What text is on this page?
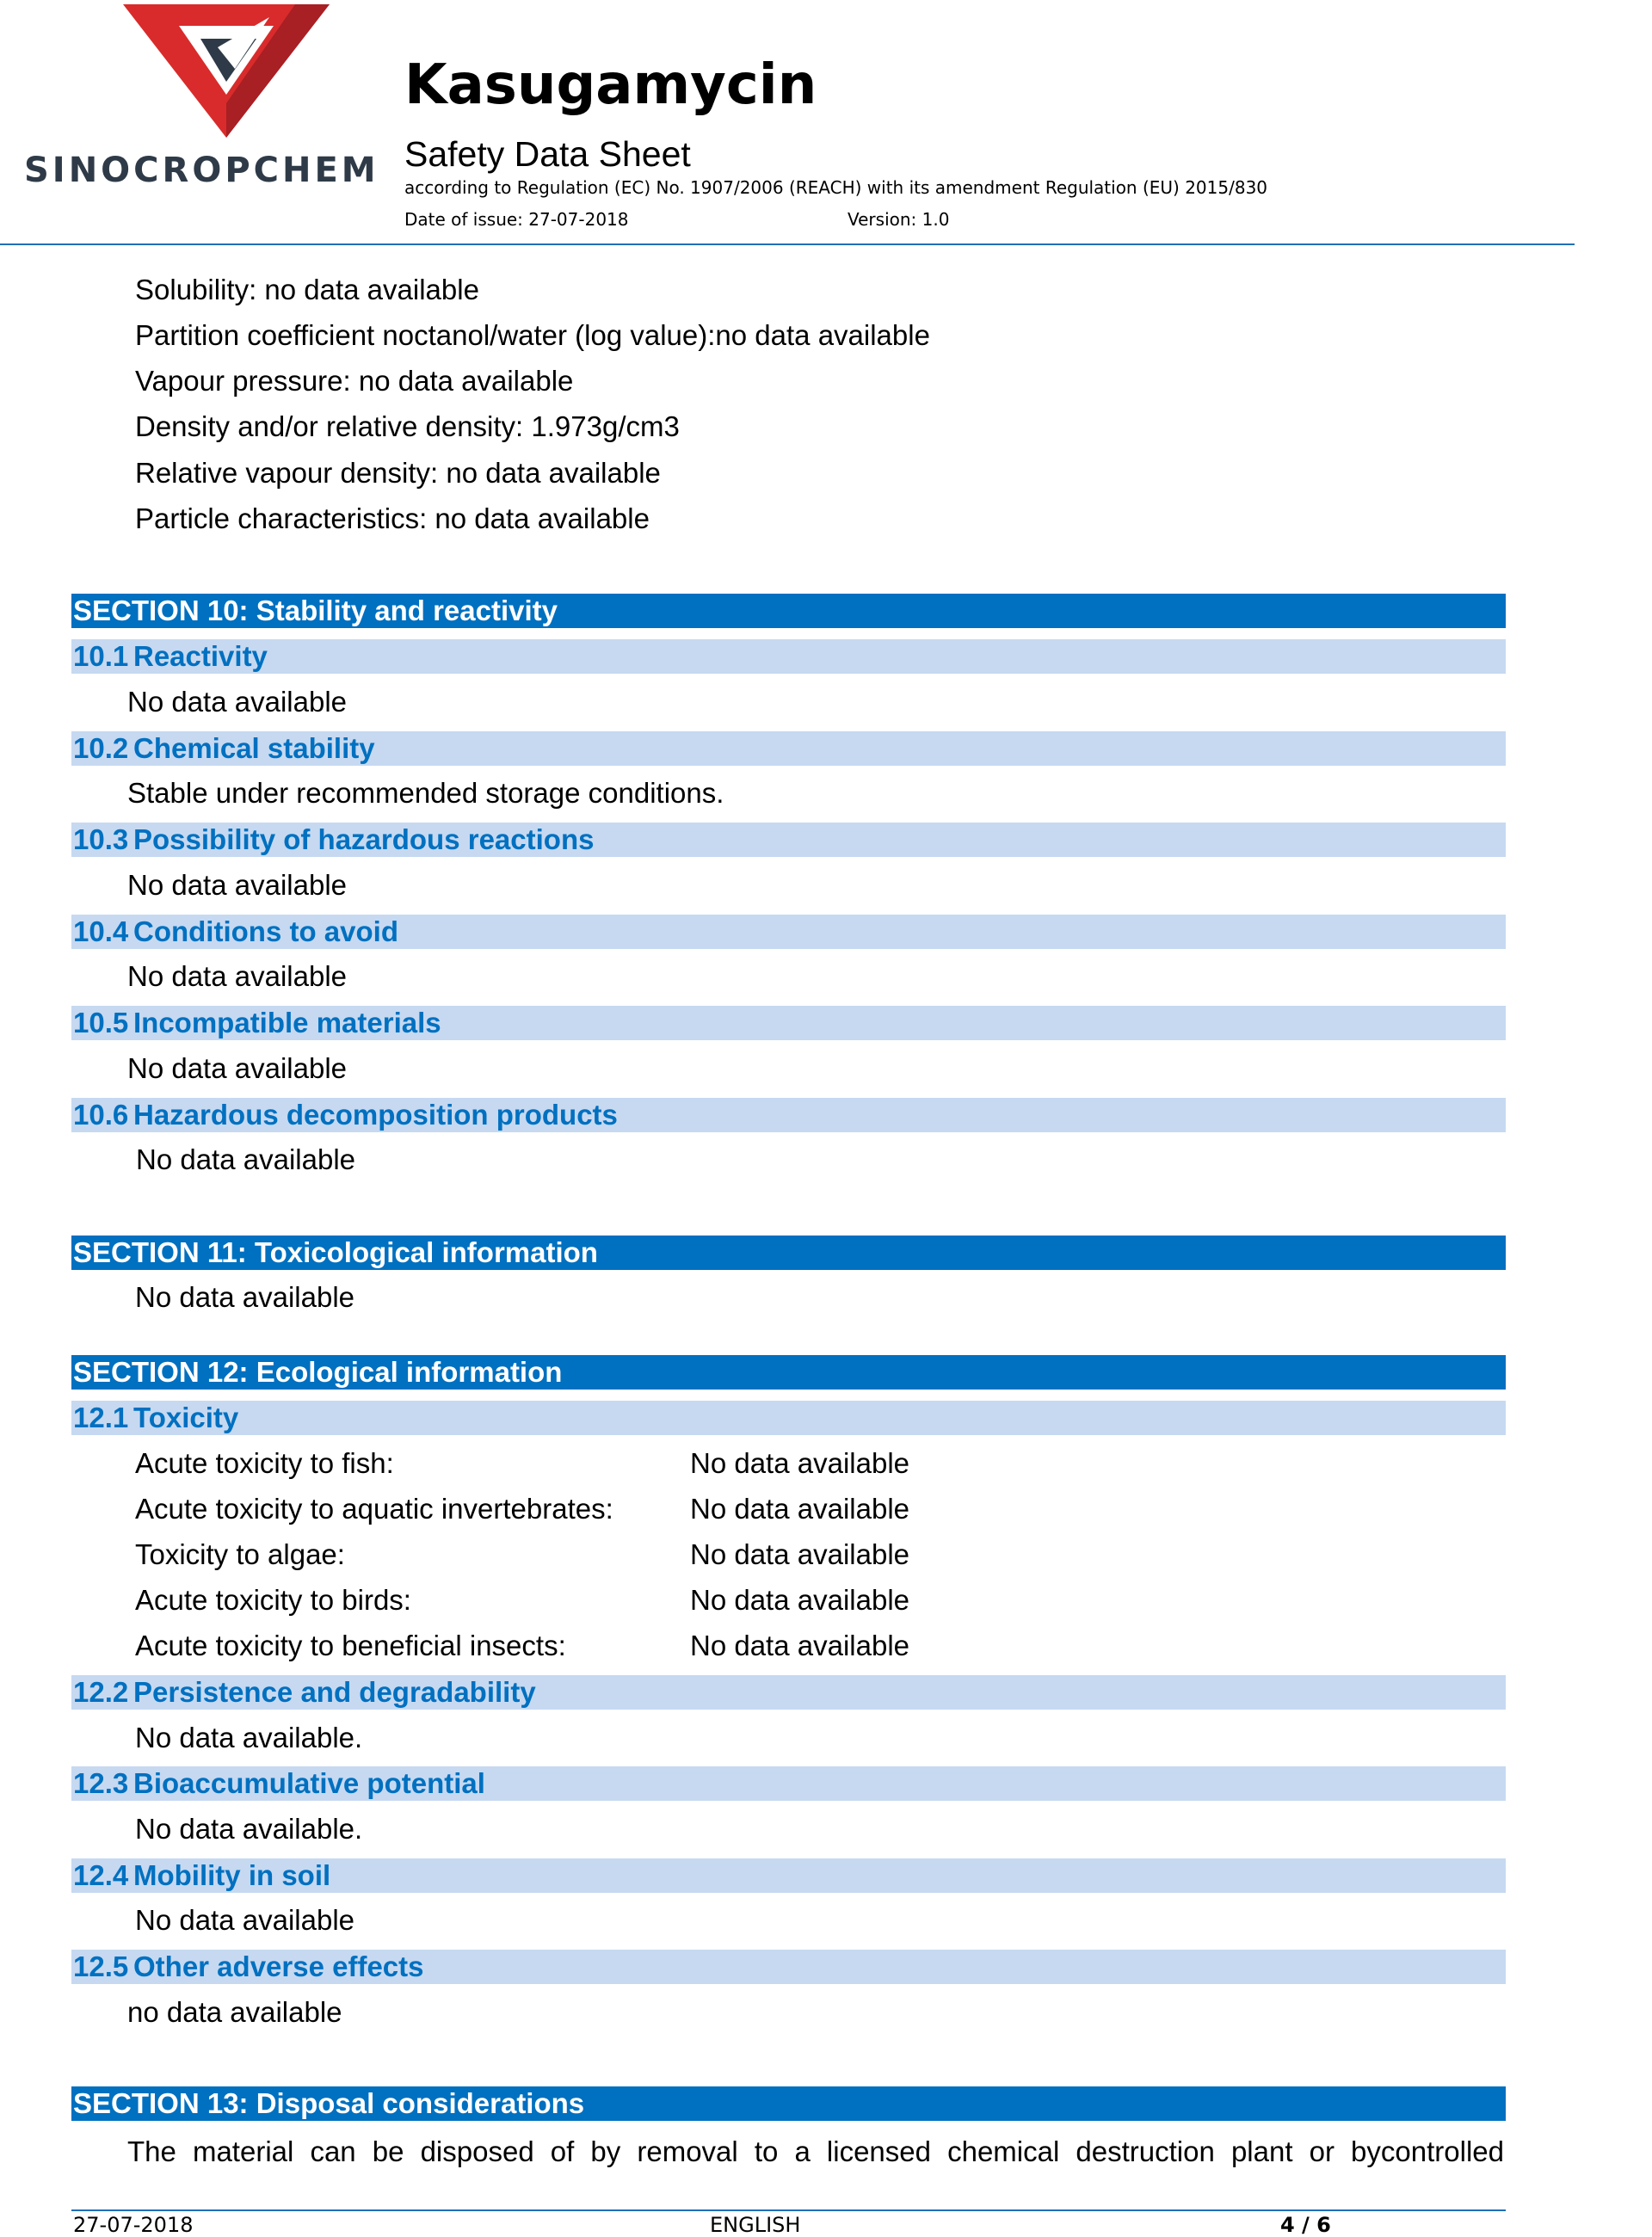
SINOCROPCHEM
Kasugamycin
Safety Data Sheet
according to Regulation (EC) No. 1907/2006 (REACH) with its amendment Regulation (EU) 2015/830
Date of issue: 27-07-2018	Version: 1.0
Solubility: no data available
Partition coefficient noctanol/water (log value):no data available
Vapour pressure: no data available
Density and/or relative density: 1.973g/cm3
Relative vapour density: no data available
Particle characteristics: no data available
SECTION 10: Stability and reactivity
10.1 Reactivity
No data available
10.2 Chemical stability
Stable under recommended storage conditions.
10.3 Possibility of hazardous reactions
No data available
10.4 Conditions to avoid
No data available
10.5 Incompatible materials
No data available
10.6 Hazardous decomposition products
No data available
SECTION 11: Toxicological information
No data available
SECTION 12: Ecological information
12.1 Toxicity
Acute toxicity to fish:	No data available
Acute toxicity to aquatic invertebrates:	No data available
Toxicity to algae:	No data available
Acute toxicity to birds:	No data available
Acute toxicity to beneficial insects:	No data available
12.2 Persistence and degradability
No data available.
12.3 Bioaccumulative potential
No data available.
12.4 Mobility in soil
No data available
12.5 Other adverse effects
no data available
SECTION 13: Disposal considerations
The material can be disposed of by removal to a licensed chemical destruction plant or bycontrolled
27-07-2018	ENGLISH	4 / 6
